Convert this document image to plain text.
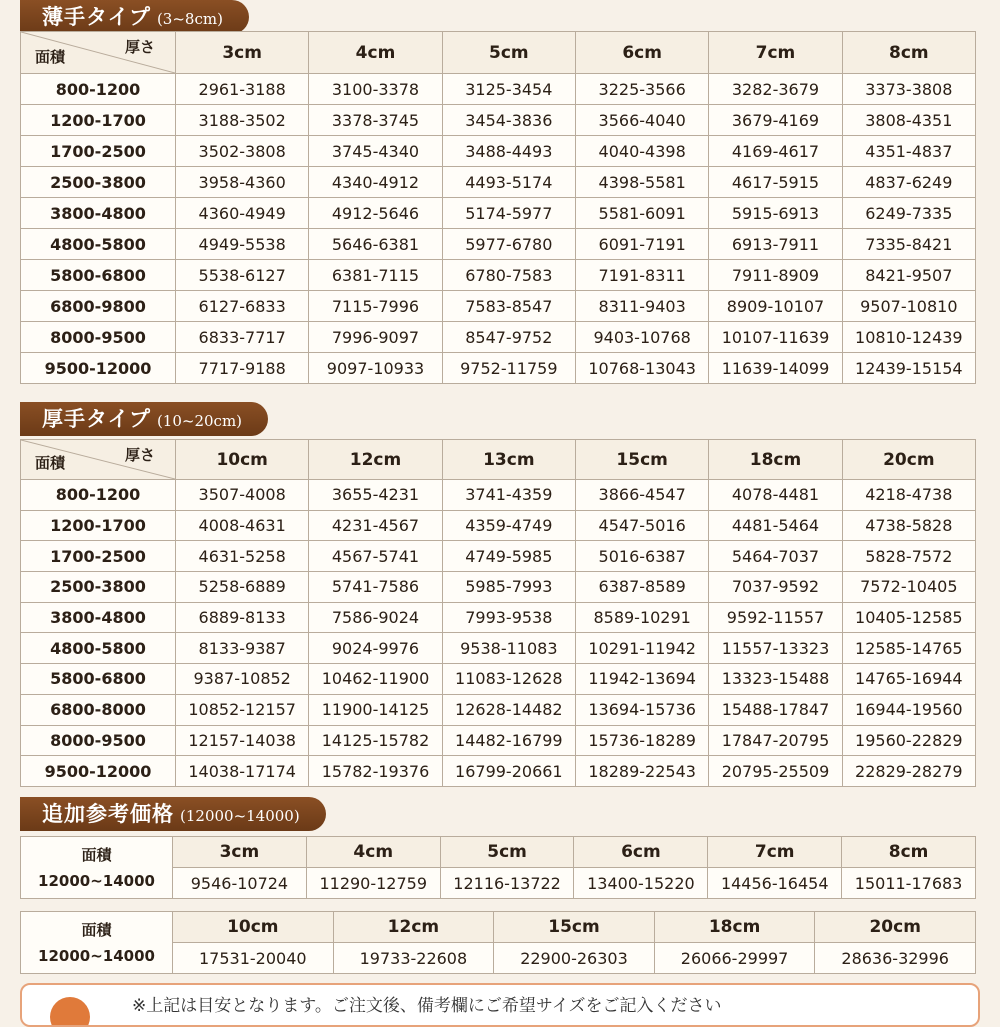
薄手タイプ (3~8cm)
厚さ
面積	3cm	4cm	5cm	6cm	7cm	8cm
800-1200	2961-3188	3100-3378	3125-3454	3225-3566	3282-3679	3373-3808
1200-1700	3188-3502	3378-3745	3454-3836	3566-4040	3679-4169	3808-4351
1700-2500	3502-3808	3745-4340	3488-4493	4040-4398	4169-4617	4351-4837
2500-3800	3958-4360	4340-4912	4493-5174	4398-5581	4617-5915	4837-6249
3800-4800	4360-4949	4912-5646	5174-5977	5581-6091	5915-6913	6249-7335
4800-5800	4949-5538	5646-6381	5977-6780	6091-7191	6913-7911	7335-8421
5800-6800	5538-6127	6381-7115	6780-7583	7191-8311	7911-8909	8421-9507
6800-9800	6127-6833	7115-7996	7583-8547	8311-9403	8909-10107	9507-10810
8000-9500	6833-7717	7996-9097	8547-9752	9403-10768	10107-11639	10810-12439
9500-12000	7717-9188	9097-10933	9752-11759	10768-13043	11639-14099	12439-15154
厚手タイプ (10~20cm)
厚さ
面積	10cm	12cm	13cm	15cm	18cm	20cm
800-1200	3507-4008	3655-4231	3741-4359	3866-4547	4078-4481	4218-4738
1200-1700	4008-4631	4231-4567	4359-4749	4547-5016	4481-5464	4738-5828
1700-2500	4631-5258	4567-5741	4749-5985	5016-6387	5464-7037	5828-7572
2500-3800	5258-6889	5741-7586	5985-7993	6387-8589	7037-9592	7572-10405
3800-4800	6889-8133	7586-9024	7993-9538	8589-10291	9592-11557	10405-12585
4800-5800	8133-9387	9024-9976	9538-11083	10291-11942	11557-13323	12585-14765
5800-6800	9387-10852	10462-11900	11083-12628	11942-13694	13323-15488	14765-16944
6800-8000	10852-12157	11900-14125	12628-14482	13694-15736	15488-17847	16944-19560
8000-9500	12157-14038	14125-15782	14482-16799	15736-18289	17847-20795	19560-22829
9500-12000	14038-17174	15782-19376	16799-20661	18289-22543	20795-25509	22829-28279
追加参考価格 (12000~14000)
面積
12000~14000	3cm	4cm	5cm	6cm	7cm	8cm
	9546-10724	11290-12759	12116-13722	13400-15220	14456-16454	15011-17683
面積
12000~14000	10cm	12cm	15cm	18cm	20cm
	17531-20040	19733-22608	22900-26303	26066-29997	28636-32996
※上記は目安となります。ご注文後、備考欄にご希望サイズをご記入ください
